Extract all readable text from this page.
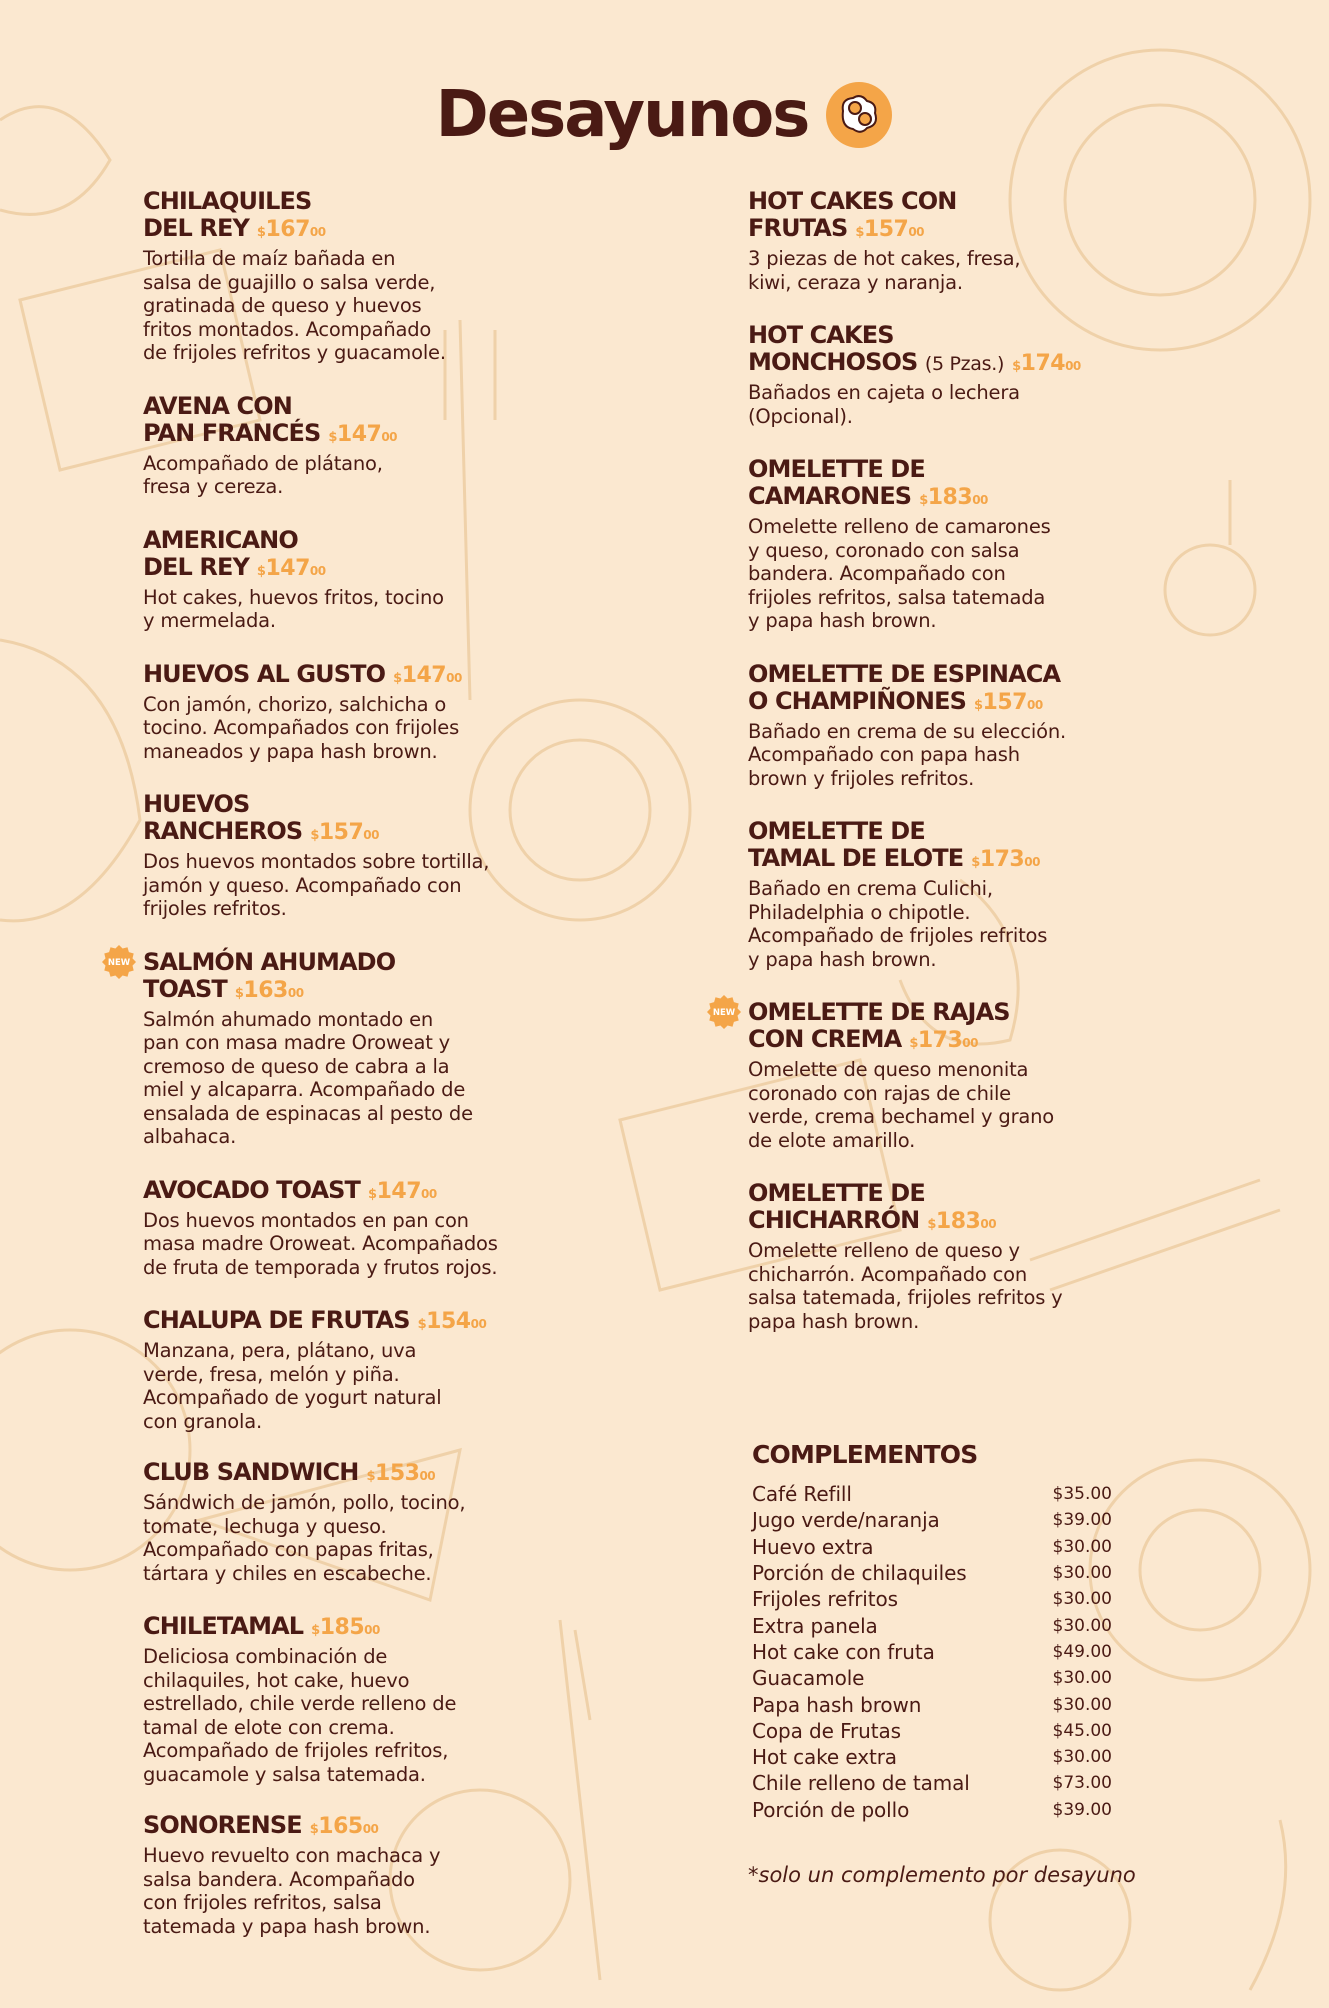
Desayunos
CHILAQUILES
DEL REY $16700
Tortilla de maíz bañada en
salsa de guajillo o salsa verde,
gratinada de queso y huevos
fritos montados. Acompañado
de frijoles refritos y guacamole.
AVENA CON
PAN FRANCÉS $14700
Acompañado de plátano,
fresa y cereza.
AMERICANO
DEL REY $14700
Hot cakes, huevos fritos, tocino
y mermelada.
HUEVOS AL GUSTO $14700
Con jamón, chorizo, salchicha o
tocino. Acompañados con frijoles
maneados y papa hash brown.
HUEVOS
RANCHEROS $15700
Dos huevos montados sobre tortilla,
jamón y queso. Acompañado con
frijoles refritos.
NEW SALMÓN AHUMADO
TOAST $16300
Salmón ahumado montado en
pan con masa madre Oroweat y
cremoso de queso de cabra a la
miel y alcaparra. Acompañado de
ensalada de espinacas al pesto de
albahaca.
AVOCADO TOAST $14700
Dos huevos montados en pan con
masa madre Oroweat. Acompañados
de fruta de temporada y frutos rojos.
CHALUPA DE FRUTAS $15400
Manzana, pera, plátano, uva
verde, fresa, melón y piña.
Acompañado de yogurt natural
con granola.
CLUB SANDWICH $15300
Sándwich de jamón, pollo, tocino,
tomate, lechuga y queso.
Acompañado con papas fritas,
tártara y chiles en escabeche.
CHILETAMAL $18500
Deliciosa combinación de
chilaquiles, hot cake, huevo
estrellado, chile verde relleno de
tamal de elote con crema.
Acompañado de frijoles refritos,
guacamole y salsa tatemada.
SONORENSE $16500
Huevo revuelto con machaca y
salsa bandera. Acompañado
con frijoles refritos, salsa
tatemada y papa hash brown.
HOT CAKES CON
FRUTAS $15700
3 piezas de hot cakes, fresa,
kiwi, ceraza y naranja.
HOT CAKES
MONCHOSOS (5 Pzas.) $17400
Bañados en cajeta o lechera
(Opcional).
OMELETTE DE
CAMARONES $18300
Omelette relleno de camarones
y queso, coronado con salsa
bandera. Acompañado con
frijoles refritos, salsa tatemada
y papa hash brown.
OMELETTE DE ESPINACA
O CHAMPIÑONES $15700
Bañado en crema de su elección.
Acompañado con papa hash
brown y frijoles refritos.
OMELETTE DE
TAMAL DE ELOTE $17300
Bañado en crema Culichi,
Philadelphia o chipotle.
Acompañado de frijoles refritos
y papa hash brown.
NEW OMELETTE DE RAJAS
CON CREMA $17300
Omelette de queso menonita
coronado con rajas de chile
verde, crema bechamel y grano
de elote amarillo.
OMELETTE DE
CHICHARRÓN $18300
Omelette relleno de queso y
chicharrón. Acompañado con
salsa tatemada, frijoles refritos y
papa hash brown.
COMPLEMENTOS
Café Refill	$35.00
Jugo verde/naranja	$39.00
Huevo extra	$30.00
Porción de chilaquiles	$30.00
Frijoles refritos	$30.00
Extra panela	$30.00
Hot cake con fruta	$49.00
Guacamole	$30.00
Papa hash brown	$30.00
Copa de Frutas	$45.00
Hot cake extra	$30.00
Chile relleno de tamal	$73.00
Porción de pollo	$39.00
*solo un complemento por desayuno
